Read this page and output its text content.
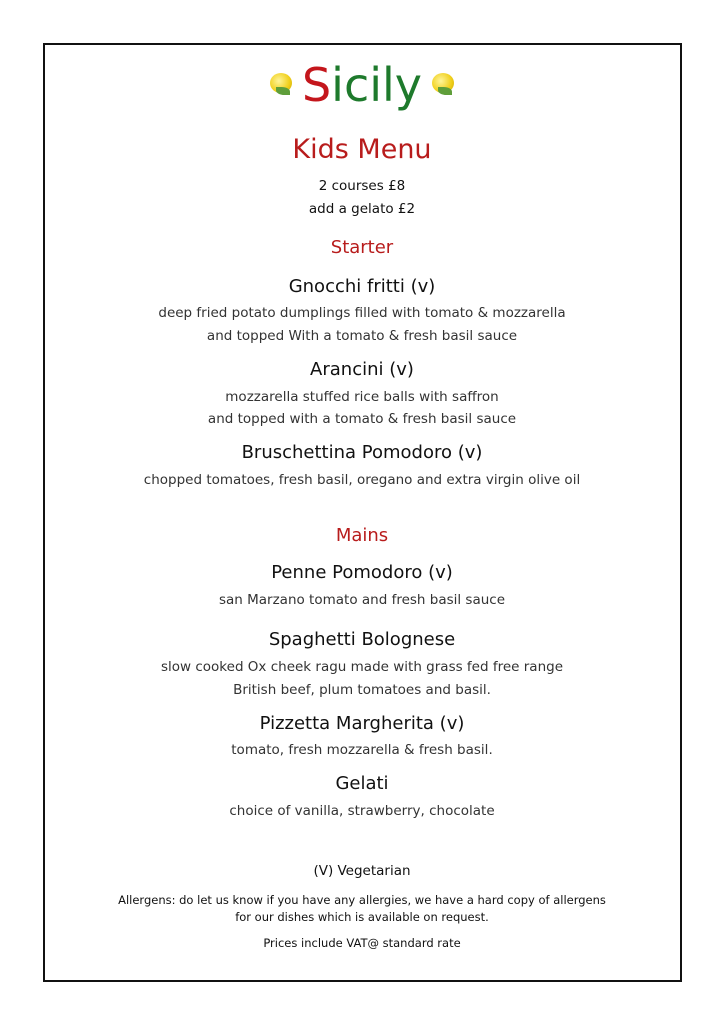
Sicily
Kids Menu
2 courses £8
add a gelato £2
Starter
Gnocchi fritti (v)
deep fried potato dumplings filled with tomato & mozzarella
and topped With a tomato & fresh basil sauce
Arancini (v)
mozzarella stuffed rice balls with saffron
and topped with a tomato & fresh basil sauce
Bruschettina Pomodoro (v)
chopped tomatoes, fresh basil, oregano and extra virgin olive oil
Mains
Penne Pomodoro (v)
san Marzano tomato and fresh basil sauce
Spaghetti Bolognese
slow cooked Ox cheek ragu made with grass fed free range
British beef, plum tomatoes and basil.
Pizzetta Margherita (v)
tomato, fresh mozzarella & fresh basil.
Gelati
choice of vanilla, strawberry, chocolate
(V) Vegetarian
Allergens: do let us know if you have any allergies, we have a hard copy of allergens
for our dishes which is available on request.
Prices include VAT@ standard rate
